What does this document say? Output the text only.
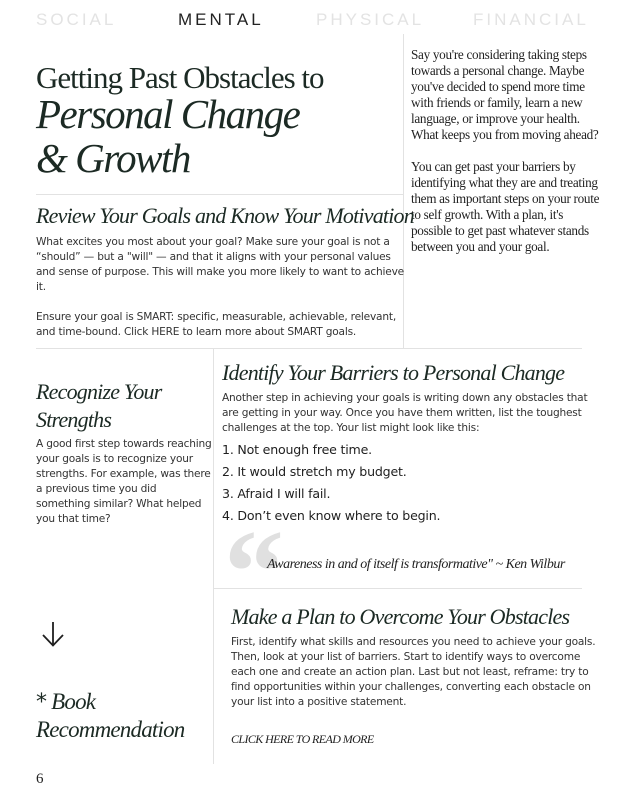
SOCIAL	MENTAL	PHYSICAL	FINANCIAL
Getting Past Obstacles to
Personal Change
& Growth

Say you're considering taking steps towards a personal change. Maybe you've decided to spend more time with friends or family, learn a new language, or improve your health. What keeps you from moving ahead?

You can get past your barriers by identifying what they are and treating them as important steps on your route to self growth. With a plan, it's possible to get past whatever stands between you and your goal.

Review Your Goals and Know Your Motivation

What excites you most about your goal? Make sure your goal is not a “should” — but a "will" — and that it aligns with your personal values and sense of purpose. This will make you more likely to want to achieve it.

Ensure your goal is SMART: specific, measurable, achievable, relevant, and time-bound. Click HERE to learn more about SMART goals.

Recognize Your Strengths
A good first step towards reaching your goals is to recognize your strengths. For example, was there a previous time you did something similar? What helped you that time?
Identify Your Barriers to Personal Change
Another step in achieving your goals is writing down any obstacles that are getting in your way. Once you have them written, list the toughest challenges at the top. Your list might look like this:
1. Not enough free time.
2. It would stretch my budget.
3. Afraid I will fail.
4. Don’t even know where to begin.
“
Awareness in and of itself is transformative" ~ Ken Wilbur
Make a Plan to Overcome Your Obstacles
First, identify what skills and resources you need to achieve your goals. Then, look at your list of barriers. Start to identify ways to overcome each one and create an action plan. Last but not least, reframe: try to find opportunities within your challenges, converting each obstacle on your list into a positive statement.
CLICK HERE TO READ MORE
* Book Recommendation
6
